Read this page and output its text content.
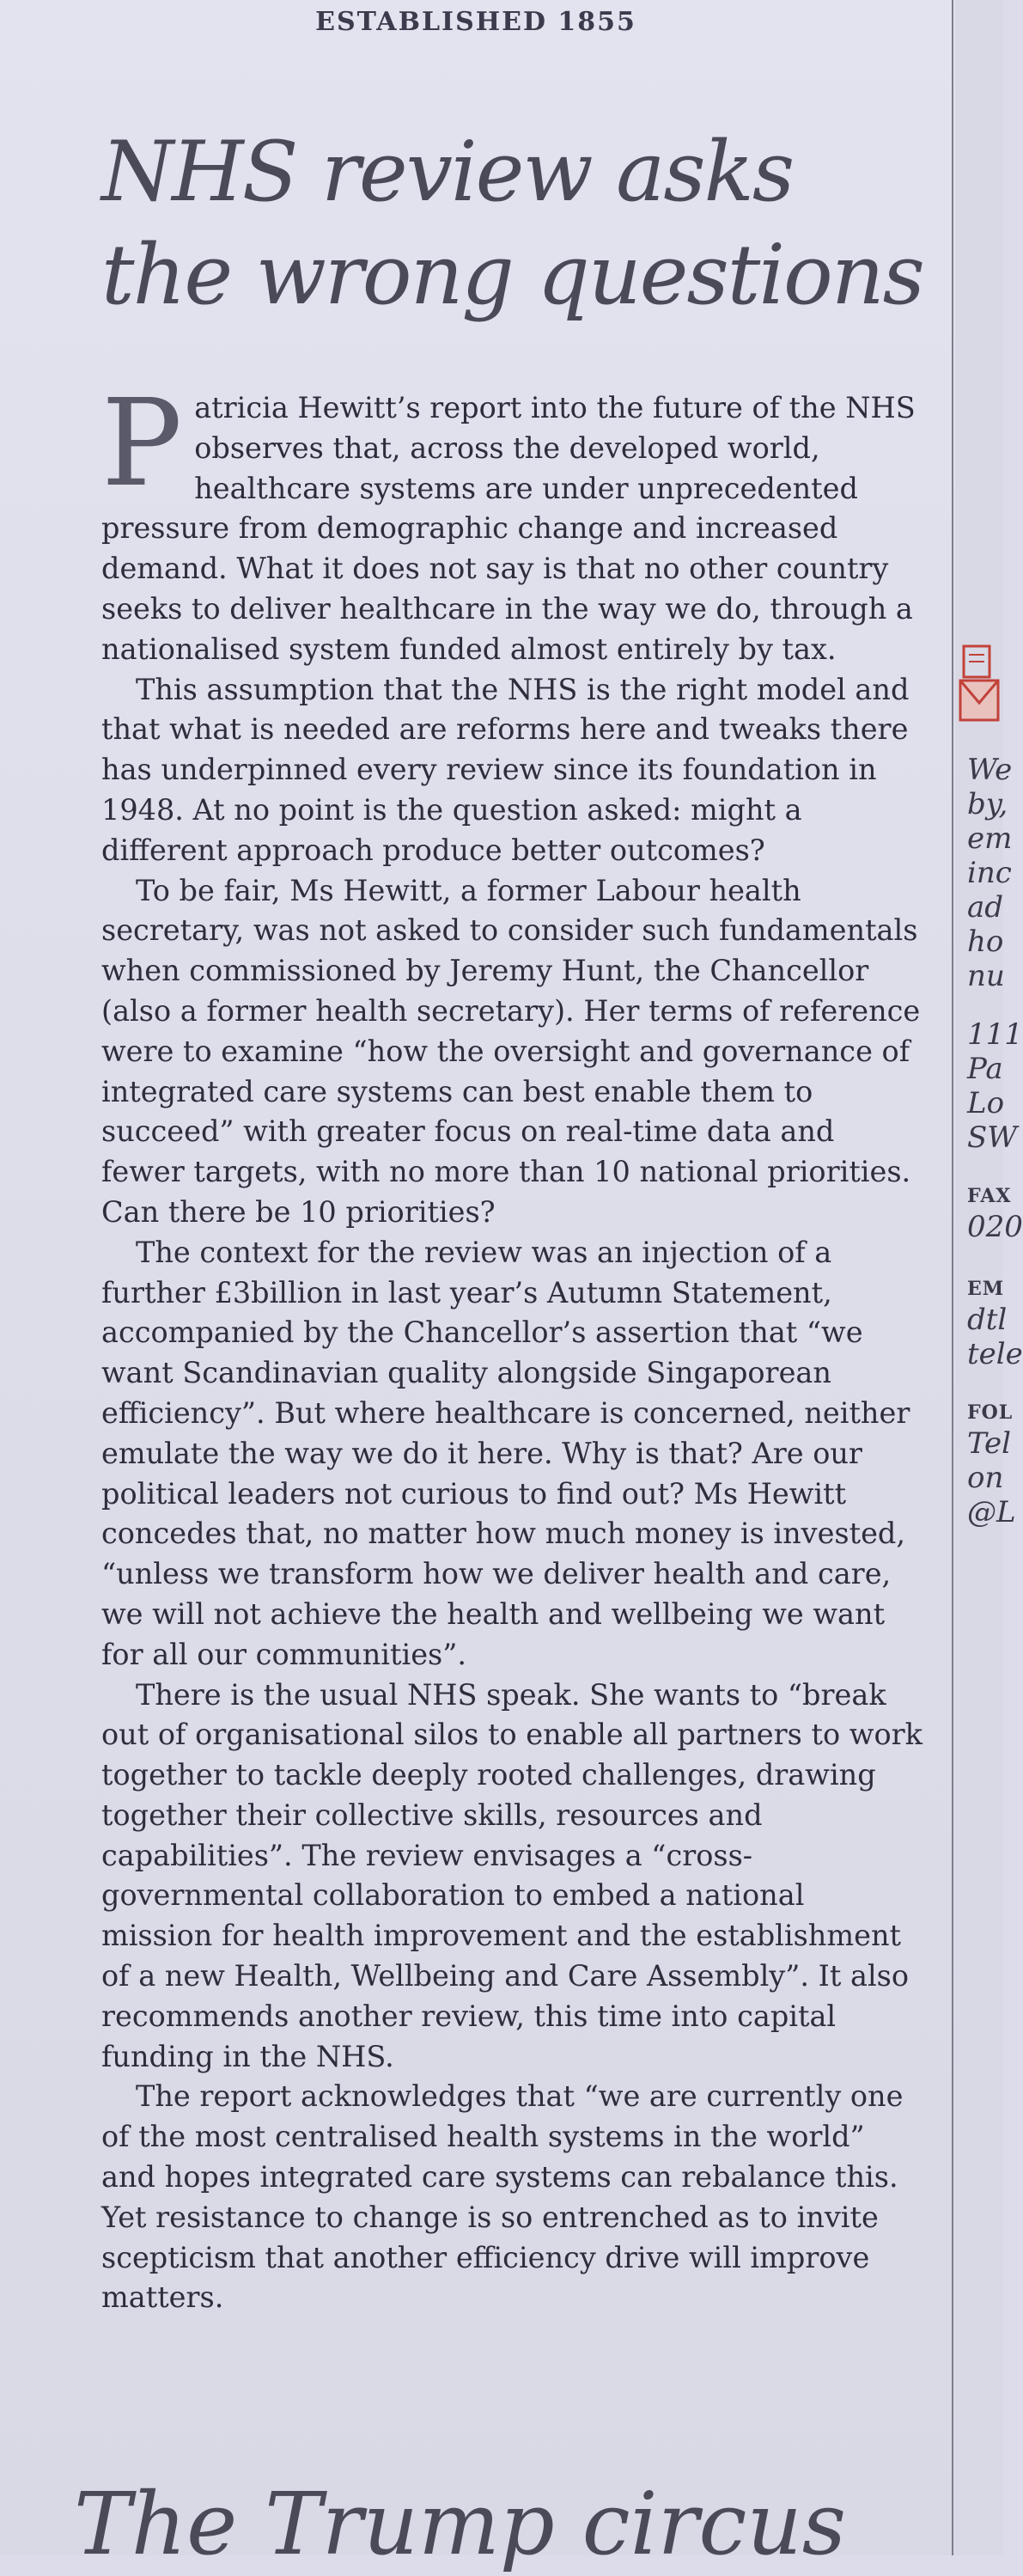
ESTABLISHED 1855
NHS review asks the wrong questions

Patricia Hewitt’s report into the future of the NHS observes that, across the developed world, healthcare systems are under unprecedented pressure from demographic change and increased demand. What it does not say is that no other country seeks to deliver healthcare in the way we do, through a nationalised system funded almost entirely by tax.

This assumption that the NHS is the right model and that what is needed are reforms here and tweaks there has underpinned every review since its foundation in 1948. At no point is the question asked: might a different approach produce better outcomes?

To be fair, Ms Hewitt, a former Labour health secretary, was not asked to consider such fundamentals when commissioned by Jeremy Hunt, the Chancellor (also a former health secretary). Her terms of reference were to examine “how the oversight and governance of integrated care systems can best enable them to succeed” with greater focus on real-time data and fewer targets, with no more than 10 national priorities. Can there be 10 priorities?

The context for the review was an injection of a further £3billion in last year’s Autumn Statement, accompanied by the Chancellor’s assertion that “we want Scandinavian quality alongside Singaporean efficiency”. But where healthcare is concerned, neither emulate the way we do it here. Why is that? Are our political leaders not curious to find out? Ms Hewitt concedes that, no matter how much money is invested, “unless we transform how we deliver health and care, we will not achieve the health and wellbeing we want for all our communities”.

There is the usual NHS speak. She wants to “break out of organisational silos to enable all partners to work together to tackle deeply rooted challenges, drawing together their collective skills, resources and capabilities”. The review envisages a “cross-governmental collaboration to embed a national mission for health improvement and the establishment of a new Health, Wellbeing and Care Assembly”. It also recommends another review, this time into capital funding in the NHS.

The report acknowledges that “we are currently one of the most centralised health systems in the world” and hopes integrated care systems can rebalance this. Yet resistance to change is so entrenched as to invite scepticism that another efficiency drive will improve matters.

The Trump circus
We
by,
em
inc
ad
ho
nu
111
Pa
Lo
SW
FAX
020
EM
dtl
tele
FOL
Tel
on
@L
